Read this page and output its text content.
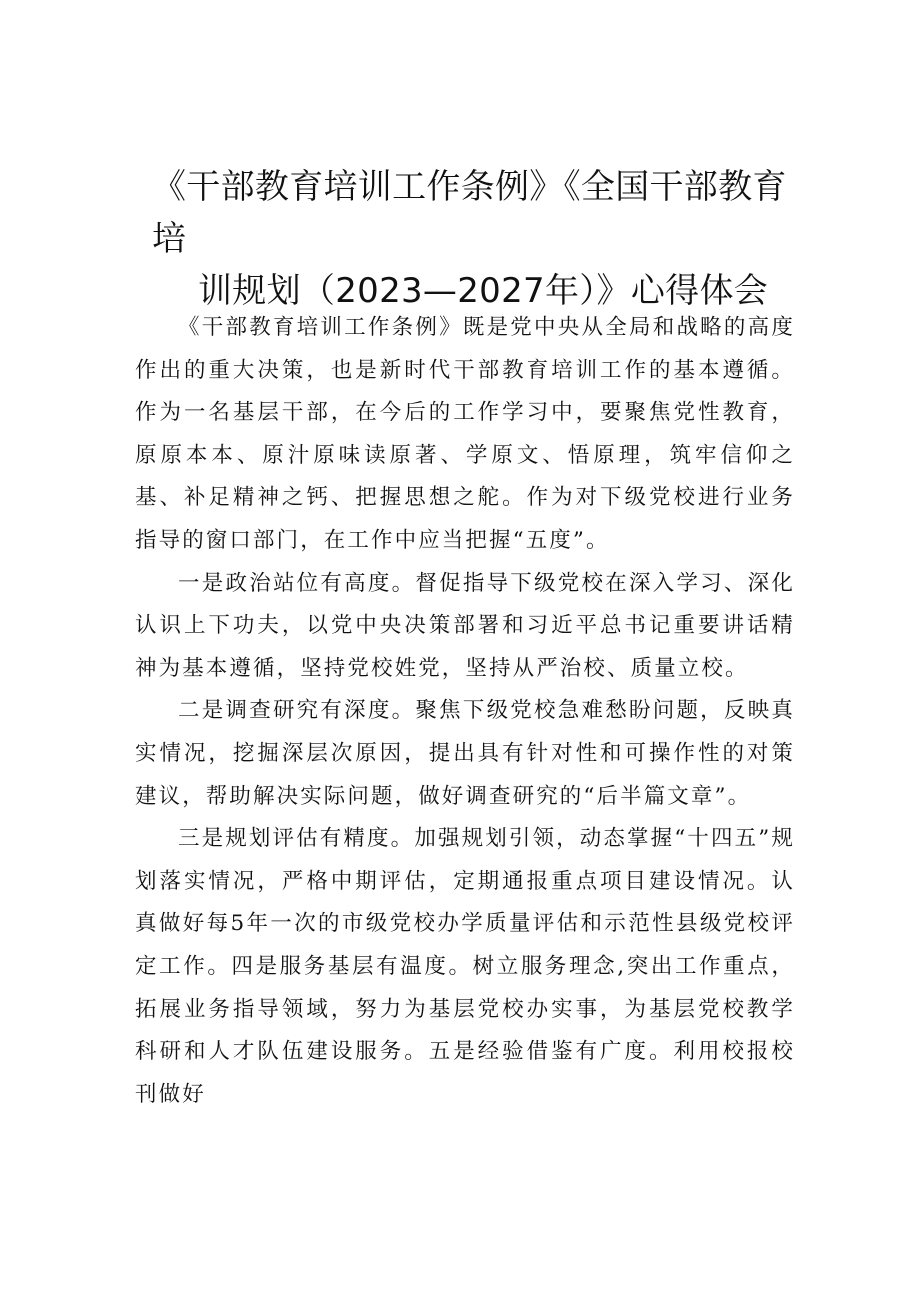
《干部教育培训工作条例》《全国干部教育培
训规划（2023—2027年）》心得体会

《干部教育培训工作条例》既是党中央从全局和战略的高度作出的重大决策，也是新时代干部教育培训工作的基本遵循。作为一名基层干部，在今后的工作学习中，要聚焦党性教育，原原本本、原汁原味读原著、学原文、悟原理，筑牢信仰之基、补足精神之钙、把握思想之舵。作为对下级党校进行业务指导的窗口部门，在工作中应当把握“五度”。

一是政治站位有高度。督促指导下级党校在深入学习、深化认识上下功夫，以党中央决策部署和习近平总书记重要讲话精神为基本遵循，坚持党校姓党，坚持从严治校、质量立校。

二是调查研究有深度。聚焦下级党校急难愁盼问题，反映真实情况，挖掘深层次原因，提出具有针对性和可操作性的对策建议，帮助解决实际问题，做好调查研究的“后半篇文章”。

三是规划评估有精度。加强规划引领，动态掌握“十四五”规划落实情况，严格中期评估，定期通报重点项目建设情况。认真做好每5年一次的市级党校办学质量评估和示范性县级党校评定工作。四是服务基层有温度。树立服务理念,突出工作重点，拓展业务指导领域，努力为基层党校办实事，为基层党校教学科研和人才队伍建设服务。五是经验借鉴有广度。利用校报校刊做好
